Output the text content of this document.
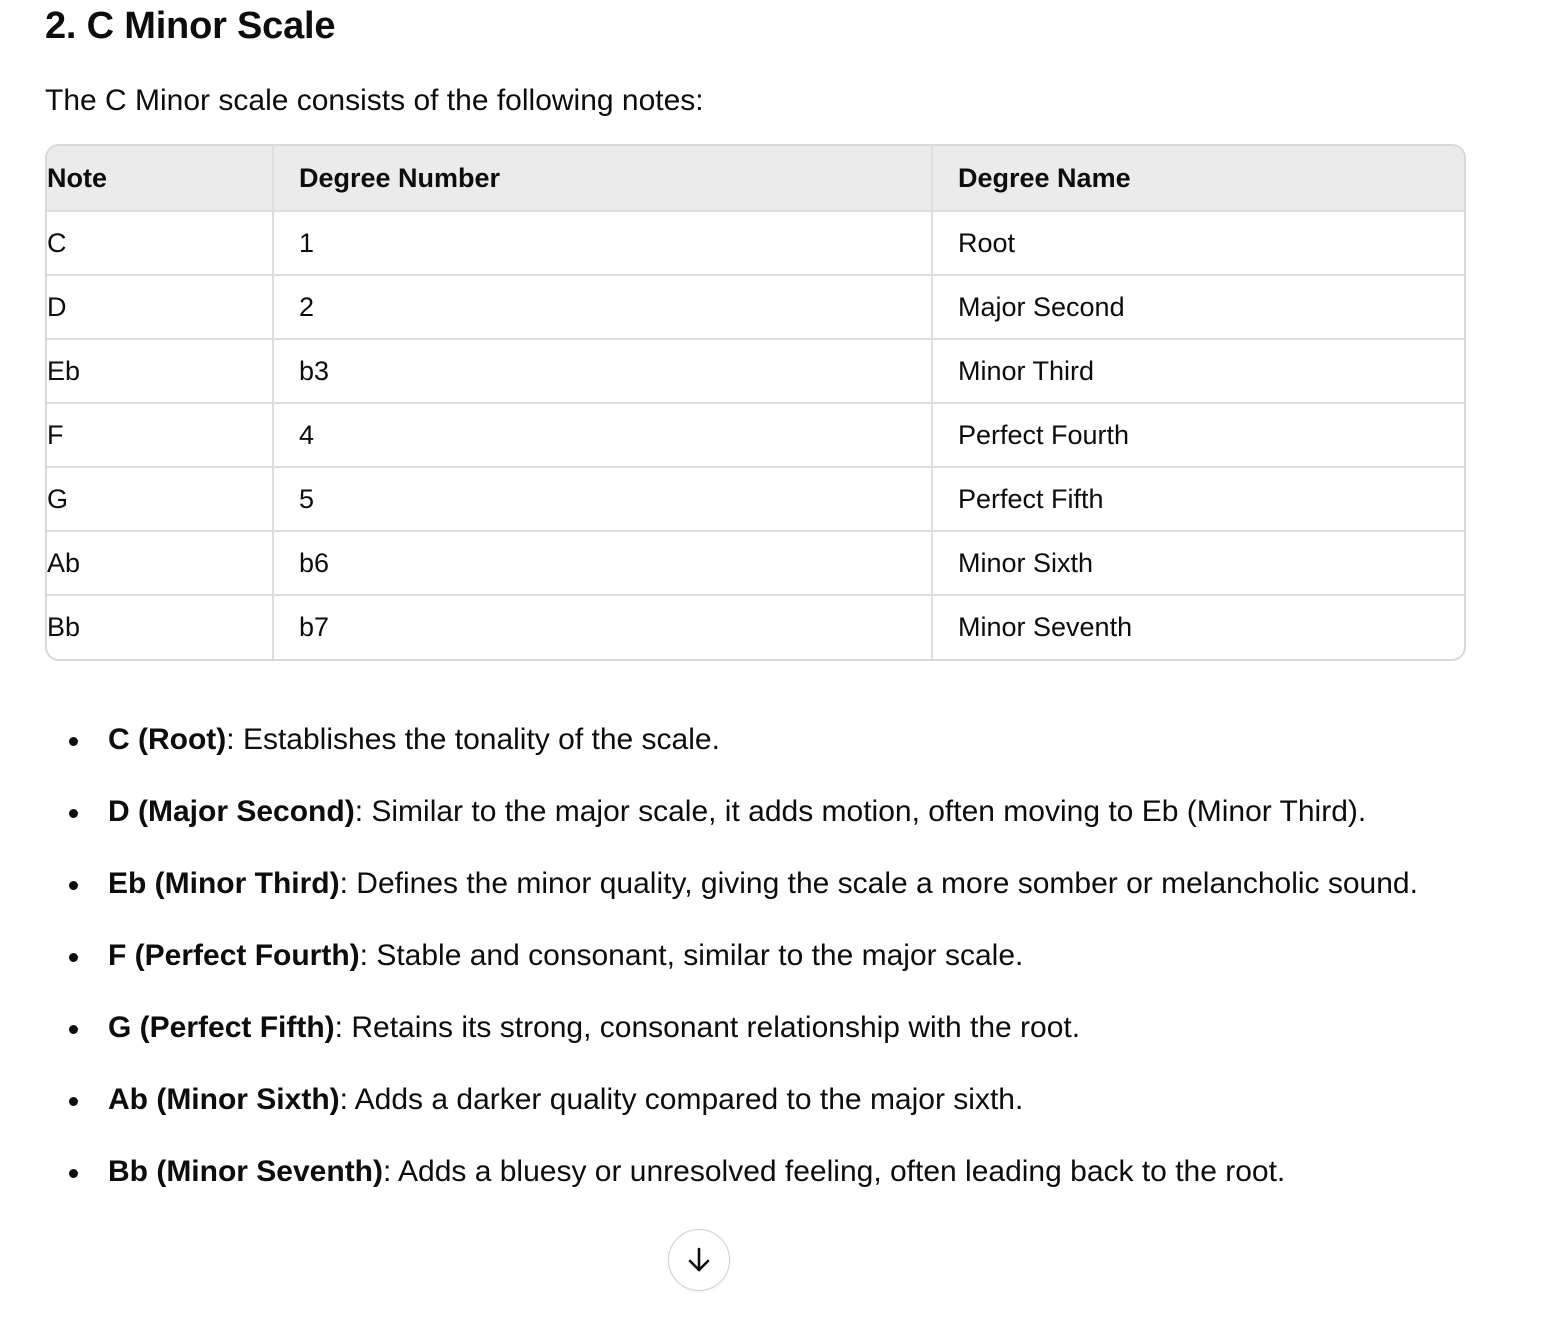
2. C Minor Scale

The C Minor scale consists of the following notes:

Note	Degree Number	Degree Name
C	1	Root
D	2	Major Second
Eb	b3	Minor Third
F	4	Perfect Fourth
G	5	Perfect Fifth
Ab	b6	Minor Sixth
Bb	b7	Minor Seventh
C (Root): Establishes the tonality of the scale.
D (Major Second): Similar to the major scale, it adds motion, often moving to Eb (Minor Third).
Eb (Minor Third): Defines the minor quality, giving the scale a more somber or melancholic sound.
F (Perfect Fourth): Stable and consonant, similar to the major scale.
G (Perfect Fifth): Retains its strong, consonant relationship with the root.
Ab (Minor Sixth): Adds a darker quality compared to the major sixth.
Bb (Minor Seventh): Adds a bluesy or unresolved feeling, often leading back to the root.
